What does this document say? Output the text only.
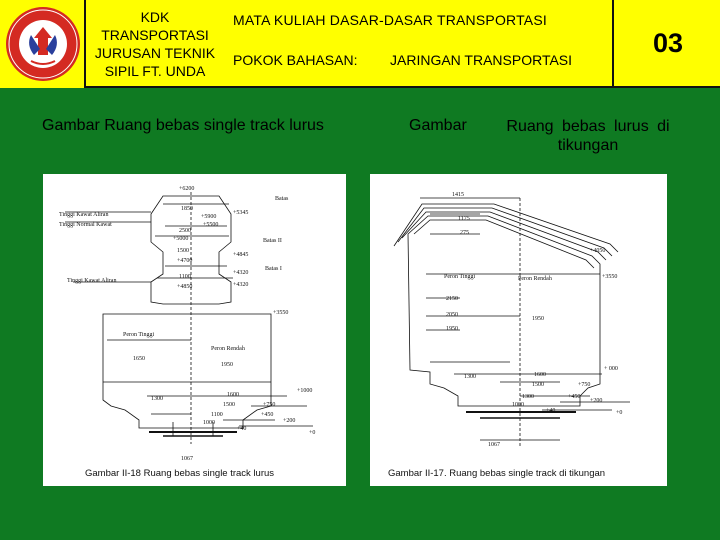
KDK
TRANSPORTASI
JURUSAN TEKNIK
SIPIL FT. UNDA
MATA KULIAH DASAR-DASAR TRANSPORTASI
POKOK BAHASAN: JARINGAN TRANSPORTASI
03
Gambar Ruang bebas single track lurus	Gambar	Ruang bebas lurus di tikungan
+6200
1850
+5900
+5345
+5500
2500
+5000
1500
+4700
+4845
1100
+4850
+4320
+4320
+3550
1650
1950
+1000
1300
1600
1500	+750
1100	+450
1000	+200
+40
+0
1067
Batas
Batas II
Batas I
Tinggi Kawat Aliran
Tinggi Normal Kawat
Tinggi Kawat Aliran
Peron Tinggi
Peron Rendah
Gambar II-18 Ruang bebas single track lurus
1415
1175
275
+4050
+3550
Peron Tinggi	Peron Rendah
2150
2050
1950
1950
1300	1600
1500
+ 000
+750
1300
1000
+450
+40
+200
+0
1067
Gambar II-17. Ruang bebas single track di tikungan
